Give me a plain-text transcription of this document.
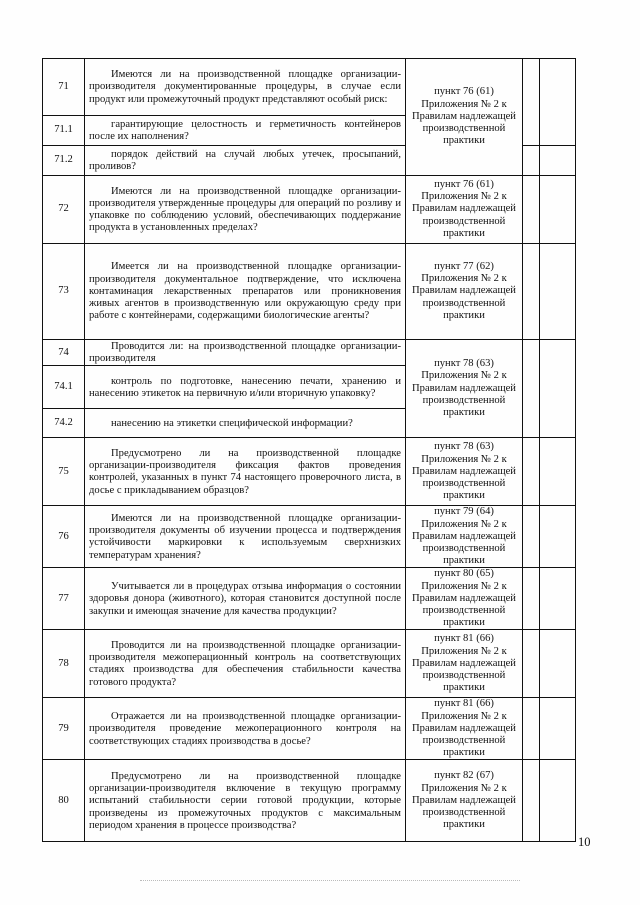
71	Имеются ли на производственной площадке организации-производителя документированные процедуры, в случае если продукт или промежуточный продукт представляют особый риск:	пункт 76 (61) Приложения № 2 к Правилам надлежащей производственной практики		
71.1	гарантирующие целостность и герметичность контейнеров после их наполнения?			
71.2	порядок действий на случай любых утечек, просыпаний, проливов?			
72	Имеются ли на производственной площадке организации-производителя утвержденные процедуры для операций по розливу и упаковке по соблюдению условий, обеспечивающих поддержание продукта в установленных пределах?	пункт 76 (61) Приложения № 2 к Правилам надлежащей производственной практики		
73	Имеется ли на производственной площадке организации-производителя документальное подтверждение, что исключена контаминация лекарственных препаратов или проникновения живых агентов в производственную или окружающую среду при работе с контейнерами, содержащими биологические агенты?	пункт 77 (62) Приложения № 2 к Правилам надлежащей производственной практики		
74	Проводится ли: на производственной площадке организации-производителя	пункт 78 (63) Приложения № 2 к Правилам надлежащей производственной практики		
74.1	контроль по подготовке, нанесению печати, хранению и нанесению этикеток на первичную и/или вторичную упаковку?			
74.2	нанесению на этикетки специфической информации?			
75	Предусмотрено ли на производственной площадке организации-производителя фиксация фактов проведения контролей, указанных в пункт 74 настоящего проверочного листа, в досье с прикладыванием образцов?	пункт 78 (63) Приложения № 2 к Правилам надлежащей производственной практики		
76	Имеются ли на производственной площадке организации-производителя документы об изучении процесса и подтверждения устойчивости маркировки к используемым сверхнизких температурам хранения?	пункт 79 (64) Приложения № 2 к Правилам надлежащей производственной практики		
77	Учитывается ли в процедурах отзыва информация о состоянии здоровья донора (животного), которая становится доступной после закупки и имеющая значение для качества продукции?	пункт 80 (65) Приложения № 2 к Правилам надлежащей производственной практики		
78	Проводится ли на производственной площадке организации-производителя межоперационный контроль на соответствующих стадиях производства для обеспечения стабильности качества готового продукта?	пункт 81 (66) Приложения № 2 к Правилам надлежащей производственной практики		
79	Отражается ли на производственной площадке организации-производителя проведение межоперационного контроля на соответствующих стадиях производства в досье?	пункт 81 (66) Приложения № 2 к Правилам надлежащей производственной практики		
80	Предусмотрено ли на производственной площадке организации-производителя включение в текущую программу испытаний стабильности серии готовой продукции, которые произведены из промежуточных продуктов с максимальным периодом хранения в процессе производства?	пункт 82 (67) Приложения № 2 к Правилам надлежащей производственной практики		
10
